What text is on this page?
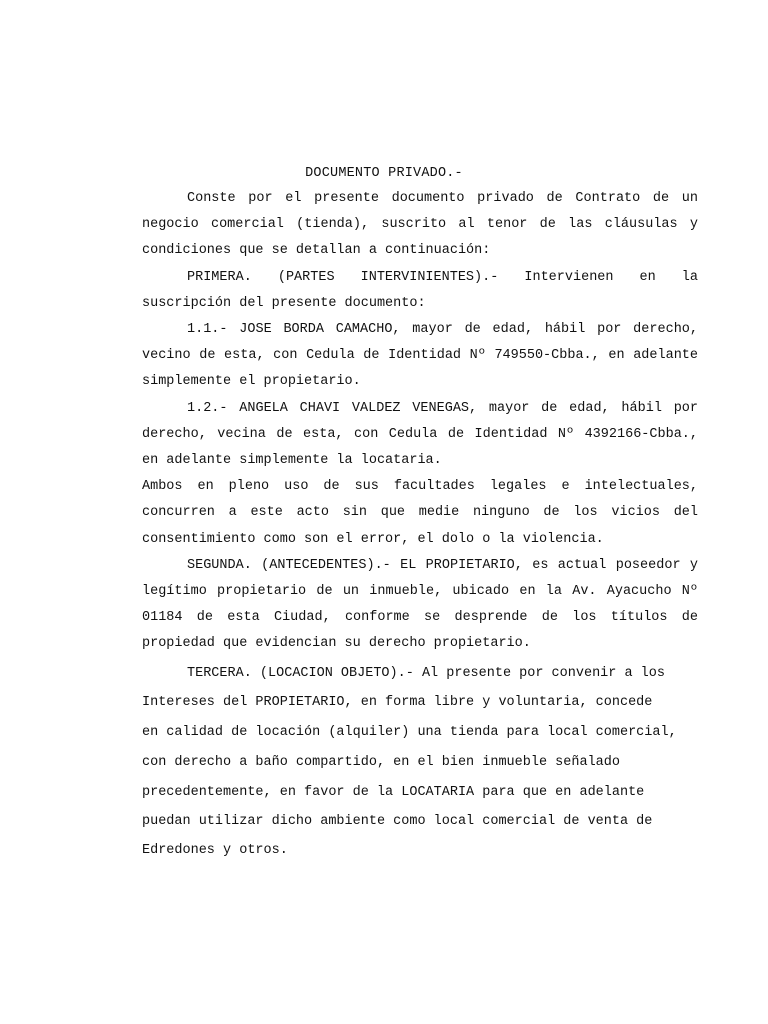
DOCUMENTO PRIVADO.-

Conste por el presente documento privado de Contrato de un negocio comercial (tienda), suscrito al tenor de las cláusulas y condiciones que se detallan a continuación:

PRIMERA. (PARTES INTERVINIENTES).- Intervienen en la suscripción del presente documento:

1.1.- JOSE BORDA CAMACHO, mayor de edad, hábil por derecho, vecino de esta, con Cedula de Identidad Nº 749550-Cbba., en adelante simplemente el propietario.

1.2.- ANGELA CHAVI VALDEZ VENEGAS, mayor de edad, hábil por derecho, vecina de esta, con Cedula de Identidad Nº 4392166-Cbba., en adelante simplemente la locataria.

Ambos en pleno uso de sus facultades legales e intelectuales, concurren a este acto sin que medie ninguno de los vicios del consentimiento como son el error, el dolo o la violencia.

SEGUNDA. (ANTECEDENTES).- EL PROPIETARIO, es actual poseedor y legítimo propietario de un inmueble, ubicado en la Av. Ayacucho Nº 01184 de esta Ciudad, conforme se desprende de los títulos de propiedad que evidencian su derecho propietario.

TERCERA. (LOCACION OBJETO).- Al presente por convenir a los

Intereses del PROPIETARIO, en forma libre y voluntaria, concede

en calidad de locación (alquiler) una tienda para local comercial,

con derecho a baño compartido, en el bien inmueble señalado

precedentemente, en favor de la LOCATARIA para que en adelante

puedan utilizar dicho ambiente como local comercial de venta de

Edredones y otros.
